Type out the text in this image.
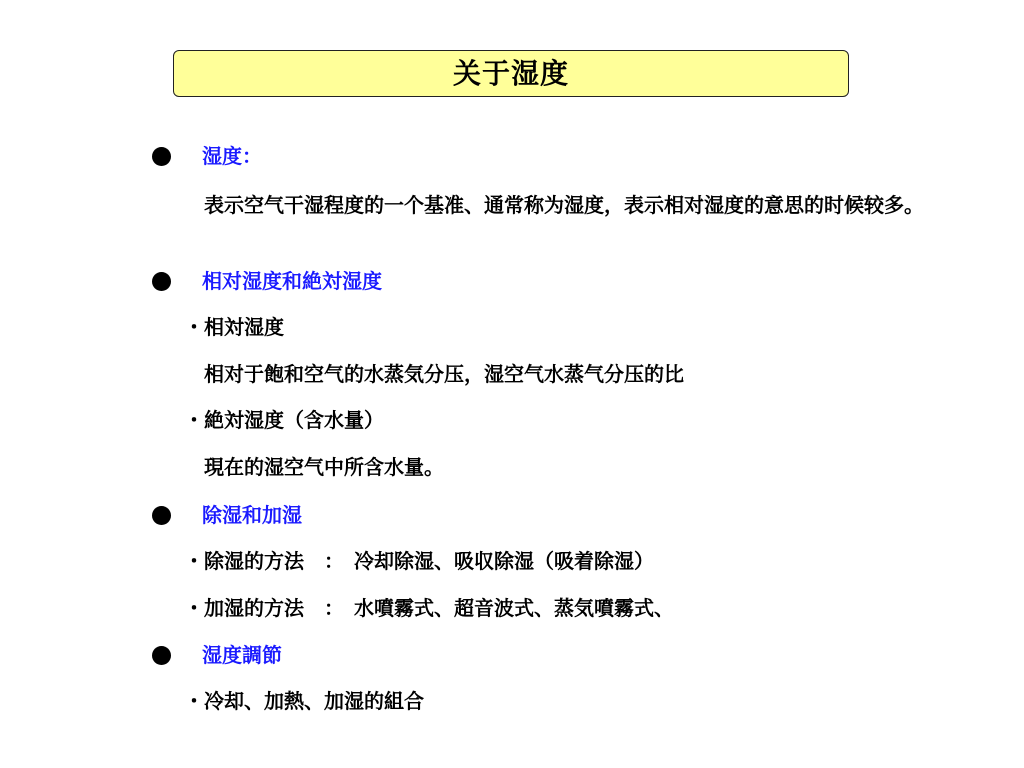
关于湿度
湿度：
表示空气干湿程度的一个基准、通常称为湿度，表示相对湿度的意思的时候较多。
相对湿度和絶対湿度
・相対湿度
相对于飽和空气的水蒸気分压，湿空气水蒸气分压的比
・絶対湿度（含水量）
現在的湿空气中所含水量。
除湿和加湿
・除湿的方法　：　冷却除湿、吸収除湿（吸着除湿）
・加湿的方法　：　水噴霧式、超音波式、蒸気噴霧式、
湿度調節
・冷却、加熱、加湿的組合
